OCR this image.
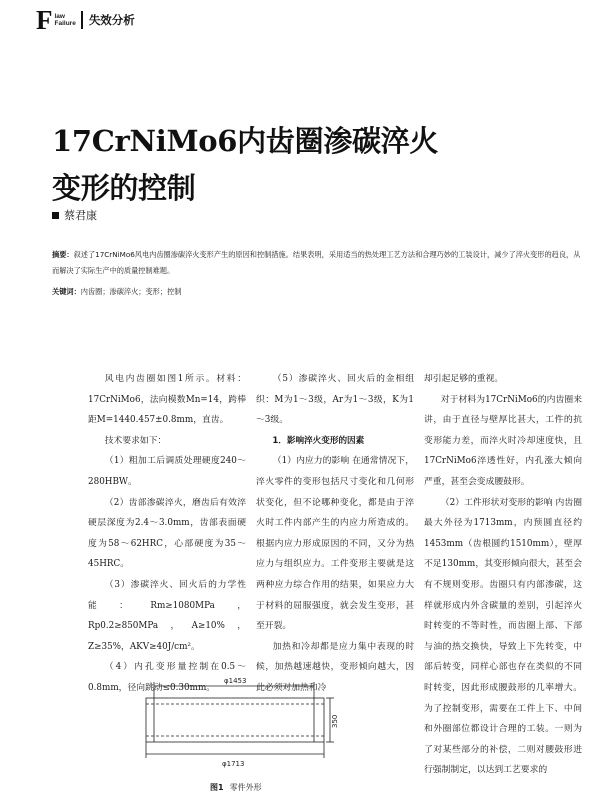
F law
Failure 失效分析
17CrNiMo6内齿圈渗碳淬火
变形的控制
蔡君康
摘要：叙述了17CrNiMo6风电内齿圈渗碳淬火变形产生的原因和控制措施。结果表明，采用适当的热处理工艺方法和合理巧妙的工装设计，减少了淬火变形的趋良，从而解决了实际生产中的质量控制难题。
关键词：内齿圈；渗碳淬火；变形；控制

风电内齿圈如图1所示。材料：17CrNiMo6，法向模数Mn=14，跨棒距M=1440.457±0.8mm，直齿。

技术要求如下：

（1）粗加工后调质处理硬度240～280HBW。

（2）齿部渗碳淬火，磨齿后有效淬硬层深度为2.4～3.0mm，齿部表面硬度为58～62HRC，心部硬度为35～45HRC。

（3）渗碳淬火、回火后的力学性能：Rm≥1080MPa，Rp0.2≥850MPa，A≥10%，Z≥35%，AKV≥40J/cm²。

（4）内孔变形量控制在0.5～0.8mm，径向跳动≤0.30mm。

（5）渗碳淬火、回火后的金相组织：M为1～3级，Ar为1～3级，K为1～3级。

1．影响淬火变形的因素

（1）内应力的影响 在通常情况下，淬火零件的变形包括尺寸变化和几何形状变化，但不论哪种变化，都是由于淬火时工件内部产生的内应力所造成的。根据内应力形成原因的不同，又分为热应力与组织应力。工件变形主要就是这两种应力综合作用的结果，如果应力大于材料的屈服强度，就会发生变形，甚至开裂。

加热和冷却都是应力集中表现的时候，加热越速越快，变形倾向越大，因此必须对加热和冷

却引起足够的重视。

对于材料为17CrNiMo6的内齿圈来讲，由于直径与壁厚比甚大，工件的抗变形能力差，而淬火时冷却速度快，且17CrNiMo6淬透性好，内孔涨大倾向严重，甚至会变成腰鼓形。

（2）工件形状对变形的影响 内齿圈最大外径为1713mm，内预圆直径约1453mm（齿根圆约1510mm），壁厚不足130mm，其变形倾向很大，甚至会有不规则变形。齿圈只有内部渗碳，这样就形成内外含碳量的差别，引起淬火时转变的不等时性，而齿圈上部、下部与油的热交换快，导致上下先转变，中部后转变，同样心部也存在类似的不同时转变，因此形成腰鼓形的几率增大。为了控制变形，需要在工件上下、中间和外圈部位都设计合理的工装。一则为了对某些部分的补偿，二则对腰鼓形进行强制制定，以达到工艺要求的

φ1453
350
φ1713
图1 零件外形
